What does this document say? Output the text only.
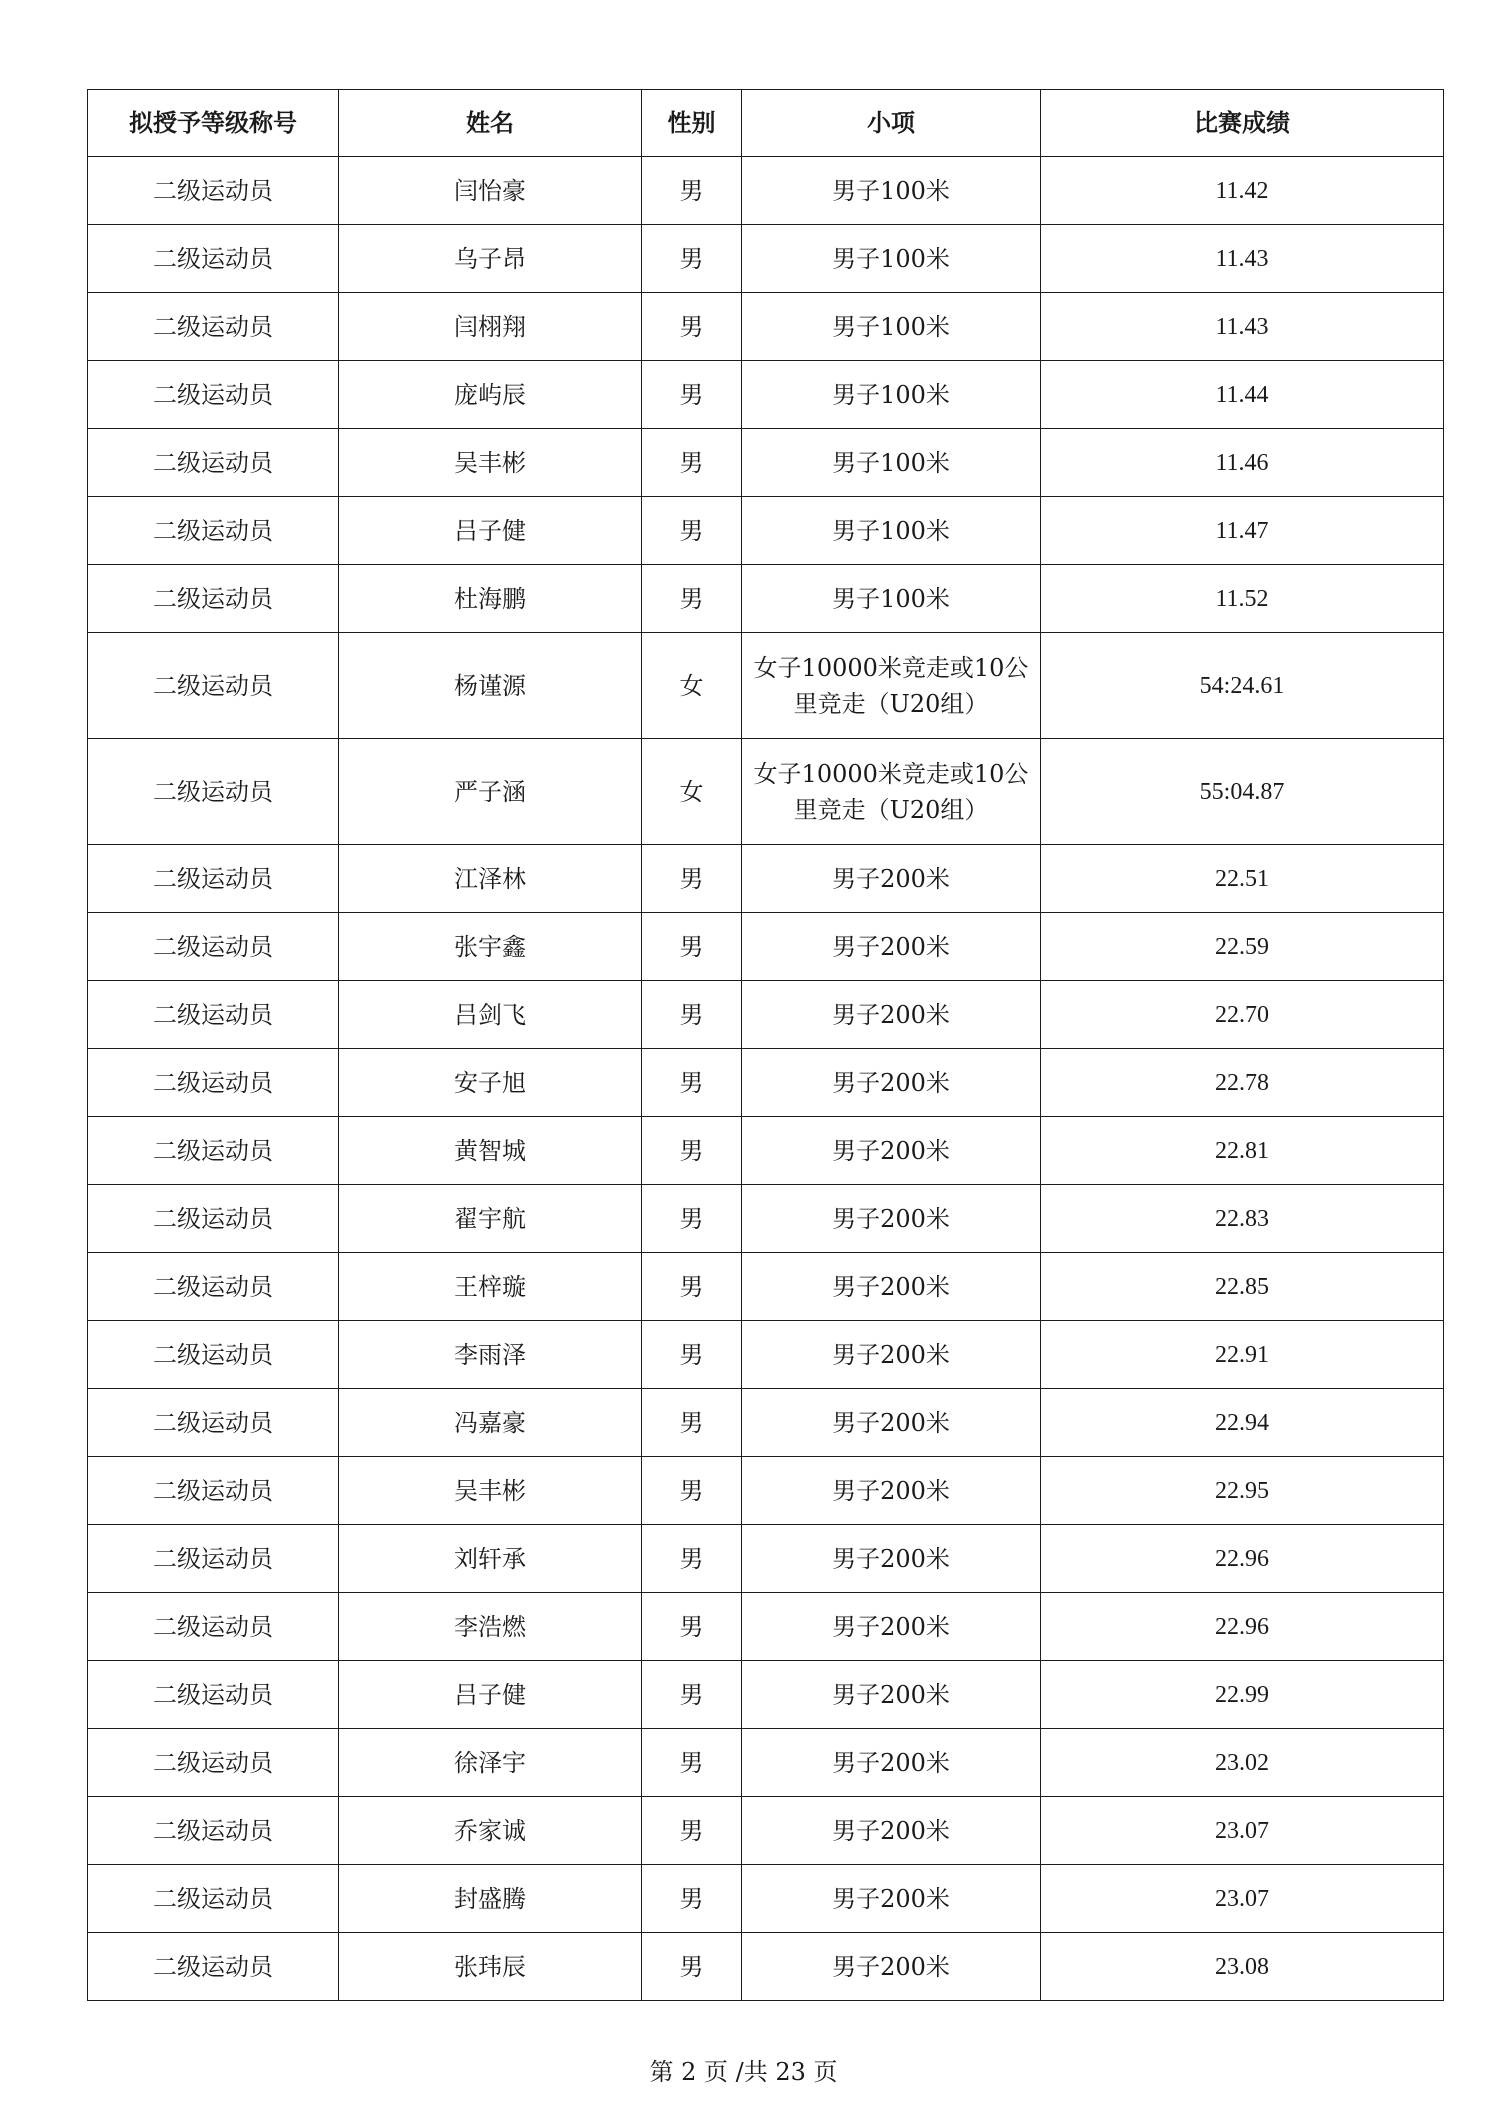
拟授予等级称号	姓名	性别	小项	比赛成绩
二级运动员	闫怡豪	男	男子100米	11.42
二级运动员	乌子昂	男	男子100米	11.43
二级运动员	闫栩翔	男	男子100米	11.43
二级运动员	庞屿辰	男	男子100米	11.44
二级运动员	吴丰彬	男	男子100米	11.46
二级运动员	吕子健	男	男子100米	11.47
二级运动员	杜海鹏	男	男子100米	11.52
二级运动员	杨谨源	女	女子10000米竞走或10公里竞走（U20组）	54:24.61
二级运动员	严子涵	女	女子10000米竞走或10公里竞走（U20组）	55:04.87
二级运动员	江泽林	男	男子200米	22.51
二级运动员	张宇鑫	男	男子200米	22.59
二级运动员	吕剑飞	男	男子200米	22.70
二级运动员	安子旭	男	男子200米	22.78
二级运动员	黄智城	男	男子200米	22.81
二级运动员	翟宇航	男	男子200米	22.83
二级运动员	王梓璇	男	男子200米	22.85
二级运动员	李雨泽	男	男子200米	22.91
二级运动员	冯嘉豪	男	男子200米	22.94
二级运动员	吴丰彬	男	男子200米	22.95
二级运动员	刘轩承	男	男子200米	22.96
二级运动员	李浩燃	男	男子200米	22.96
二级运动员	吕子健	男	男子200米	22.99
二级运动员	徐泽宇	男	男子200米	23.02
二级运动员	乔家诚	男	男子200米	23.07
二级运动员	封盛腾	男	男子200米	23.07
二级运动员	张玮辰	男	男子200米	23.08
第 2 页 /共 23 页
